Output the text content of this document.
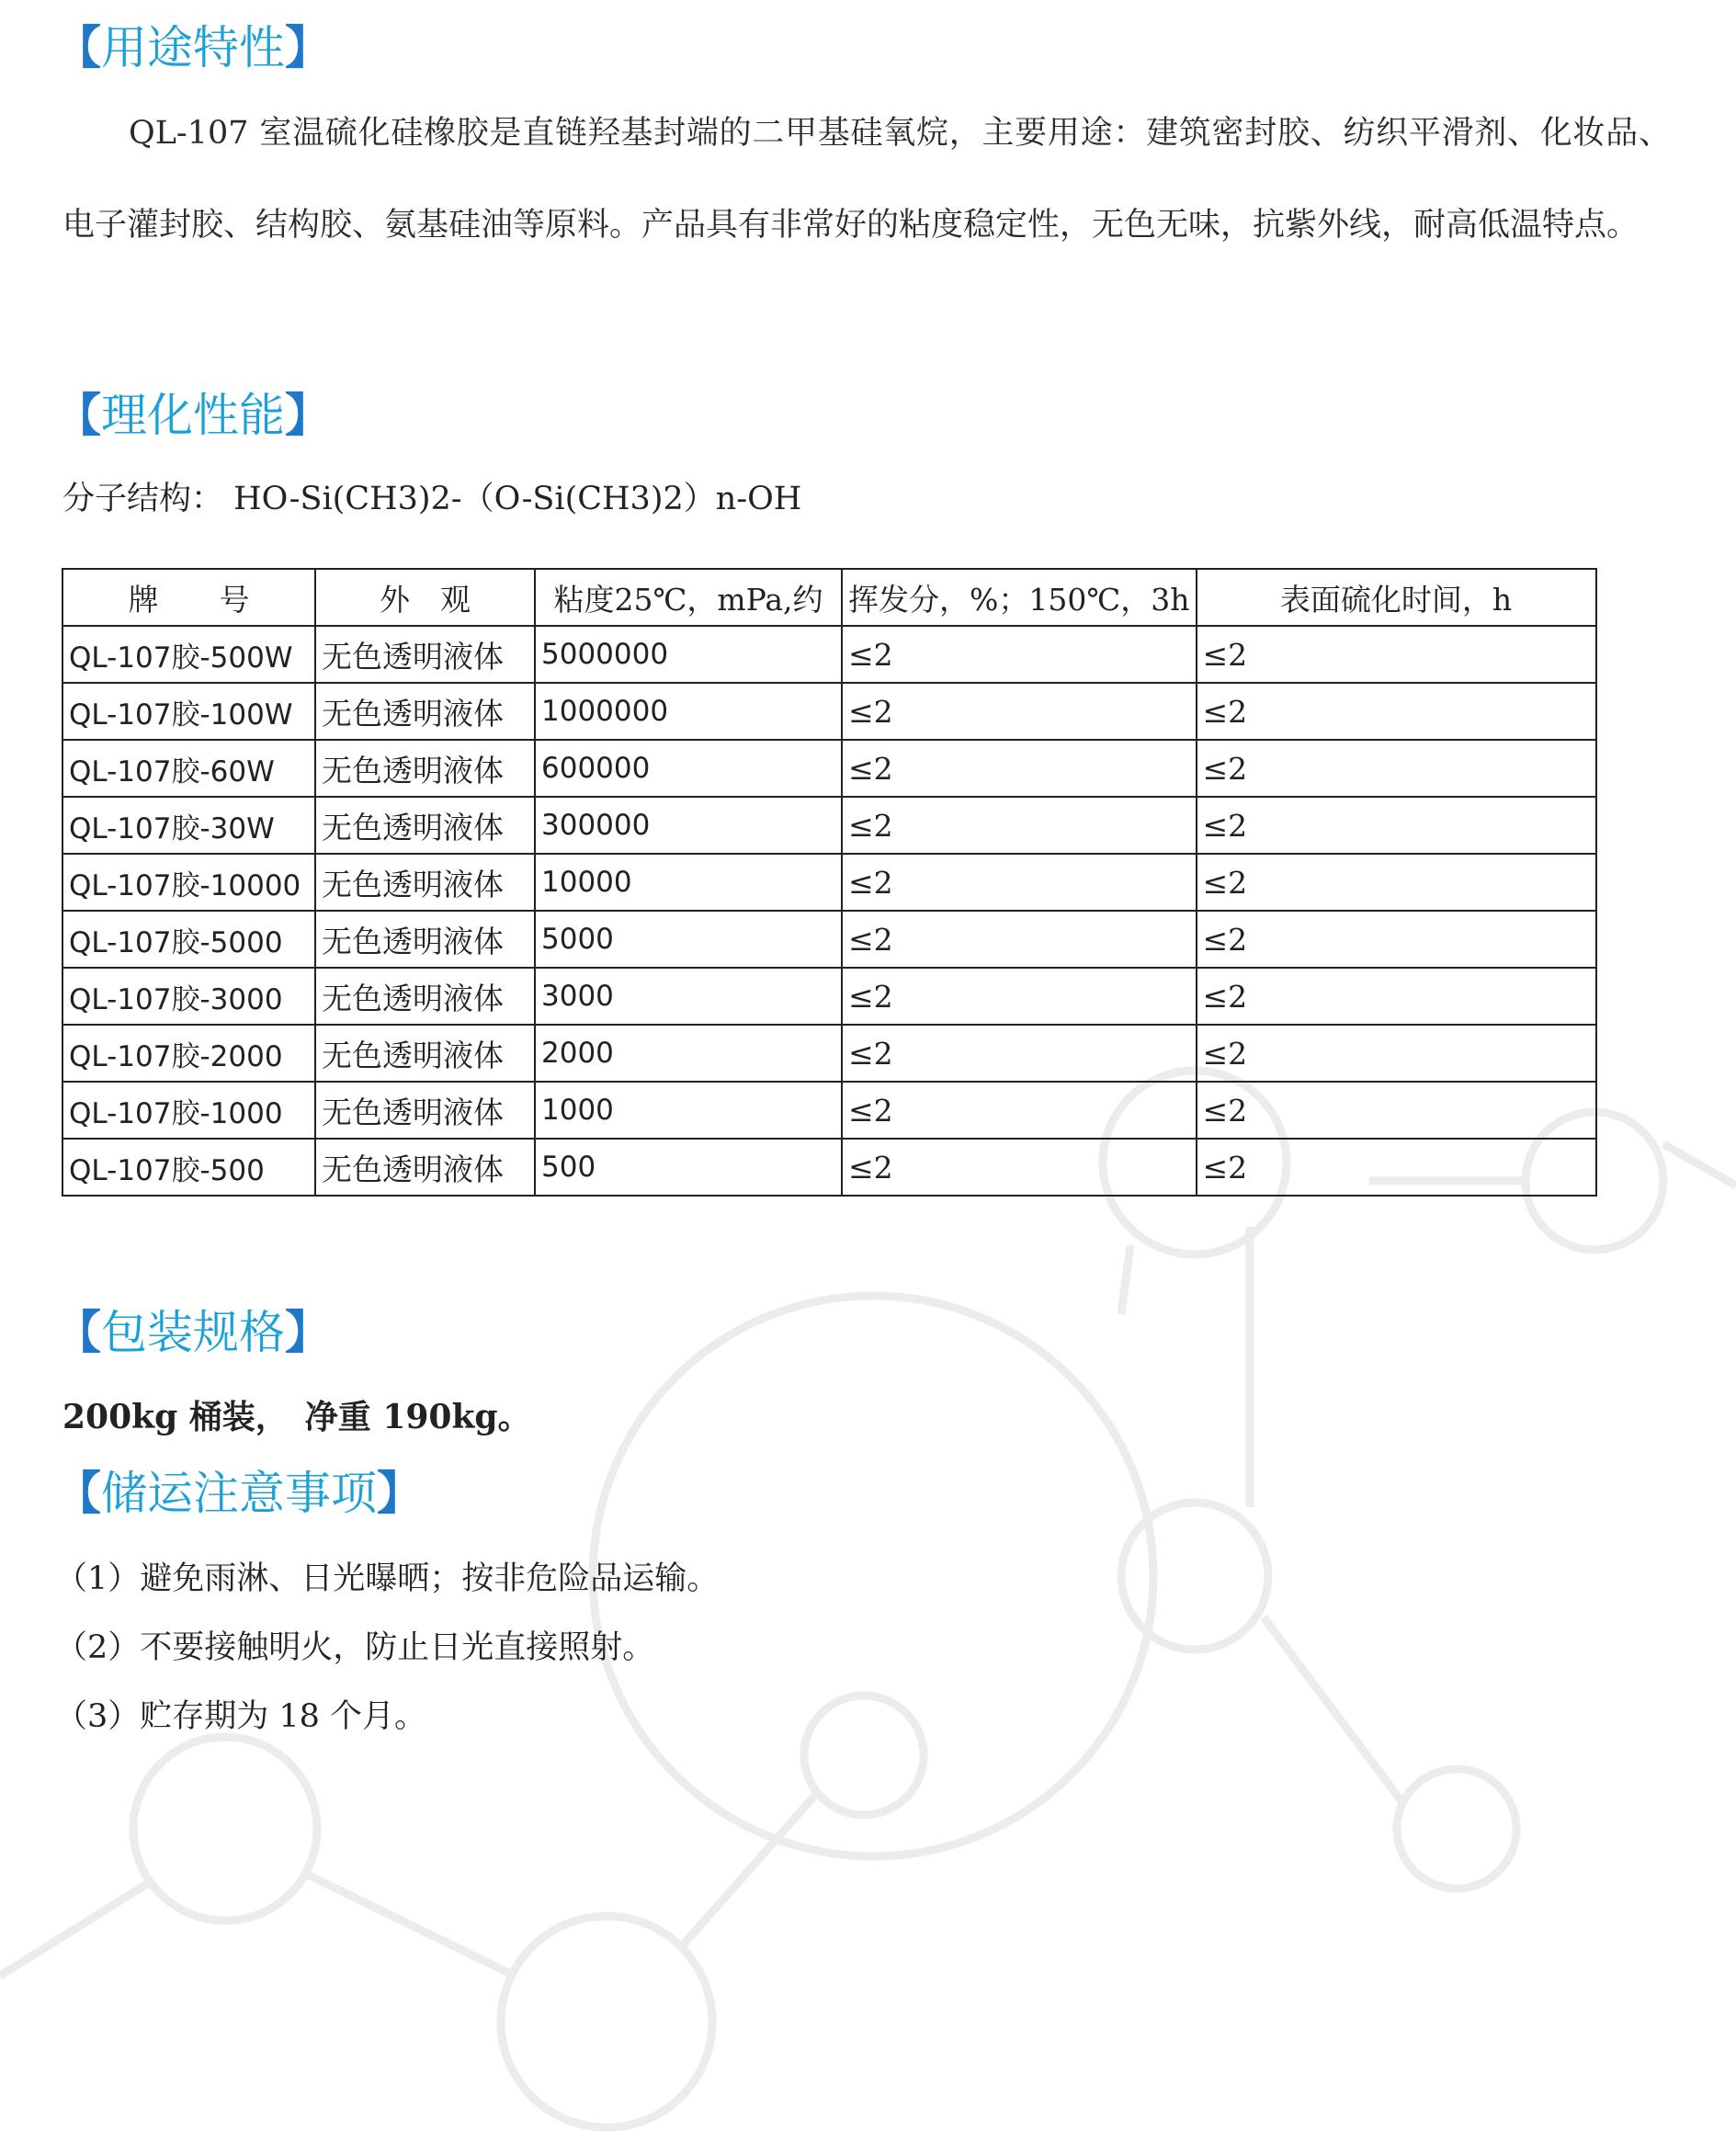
【用途特性】

QL-107 室温硫化硅橡胶是直链羟基封端的二甲基硅氧烷，主要用途：建筑密封胶、纺织平滑剂、化妆品、电子灌封胶、结构胶、氨基硅油等原料。产品具有非常好的粘度稳定性，无色无味，抗紫外线，耐高低温特点。

【理化性能】
分子结构： HO-Si(CH3)2-（O-Si(CH3)2）n-OH
牌　　号	外　观	粘度25℃，mPa,约	挥发分，%；150℃，3h	表面硫化时间，h
QL-107胶-500W	无色透明液体	5000000	≤2	≤2
QL-107胶-100W	无色透明液体	1000000	≤2	≤2
QL-107胶-60W	无色透明液体	600000	≤2	≤2
QL-107胶-30W	无色透明液体	300000	≤2	≤2
QL-107胶-10000	无色透明液体	10000	≤2	≤2
QL-107胶-5000	无色透明液体	5000	≤2	≤2
QL-107胶-3000	无色透明液体	3000	≤2	≤2
QL-107胶-2000	无色透明液体	2000	≤2	≤2
QL-107胶-1000	无色透明液体	1000	≤2	≤2
QL-107胶-500	无色透明液体	500	≤2	≤2
【包装规格】
200kg 桶装，　净重 190kg。
【储运注意事项】
（1）避免雨淋、日光曝晒；按非危险品运输。
（2）不要接触明火，防止日光直接照射。
（3）贮存期为 18 个月。
